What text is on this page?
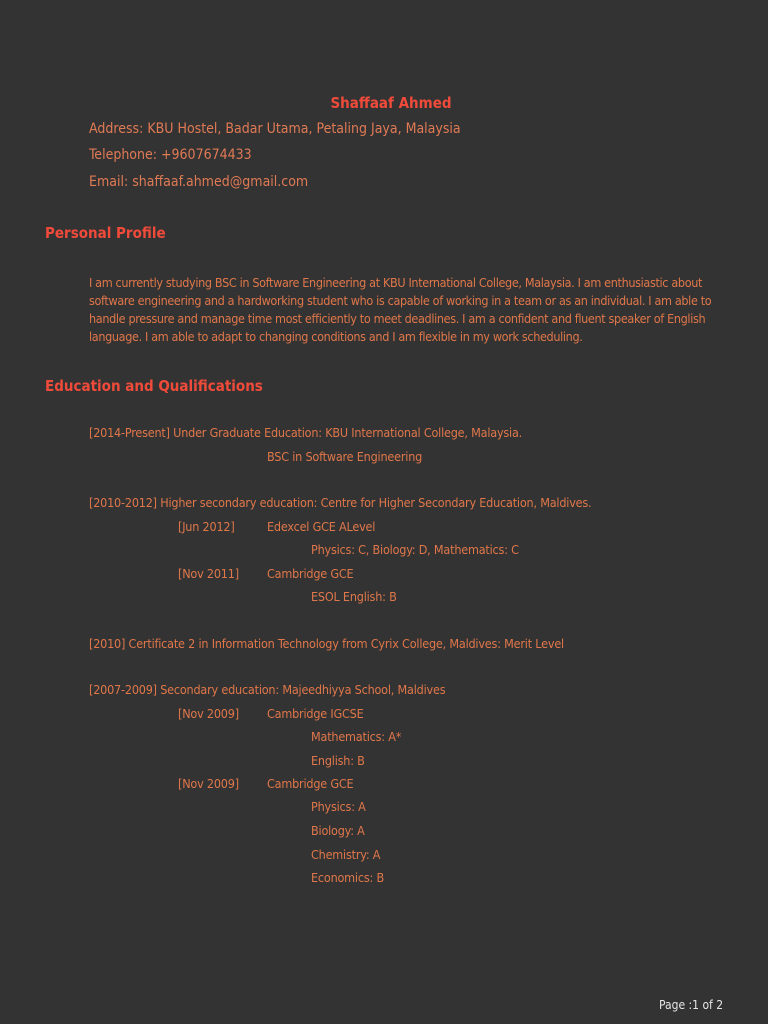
Shaffaaf Ahmed
Address: KBU Hostel, Badar Utama, Petaling Jaya, Malaysia
Telephone: +9607674433
Email: shaffaaf.ahmed@gmail.com
Personal Profile
I am currently studying BSC in Software Engineering at KBU International College, Malaysia. I am enthusiastic about software engineering and a hardworking student who is capable of working in a team or as an individual. I am able to handle pressure and manage time most efficiently to meet deadlines. I am a confident and fluent speaker of English language. I am able to adapt to changing conditions and I am flexible in my work scheduling.
Education and Qualifications
[2014-Present] Under Graduate Education: KBU International College, Malaysia.
BSC in Software Engineering
[2010-2012] Higher secondary education: Centre for Higher Secondary Education, Maldives.
[Jun 2012]	Edexcel GCE ALevel
Physics: C, Biology: D, Mathematics: C
[Nov 2011] Cambridge GCE
ESOL English: B
[2010] Certificate 2 in Information Technology from Cyrix College, Maldives: Merit Level
[2007-2009] Secondary education: Majeedhiyya School, Maldives
[Nov 2009] Cambridge IGCSE
Mathematics: A*
English: B
[Nov 2009] Cambridge GCE
Physics: A
Biology: A
Chemistry: A
Economics: B
Page :1 of 2
